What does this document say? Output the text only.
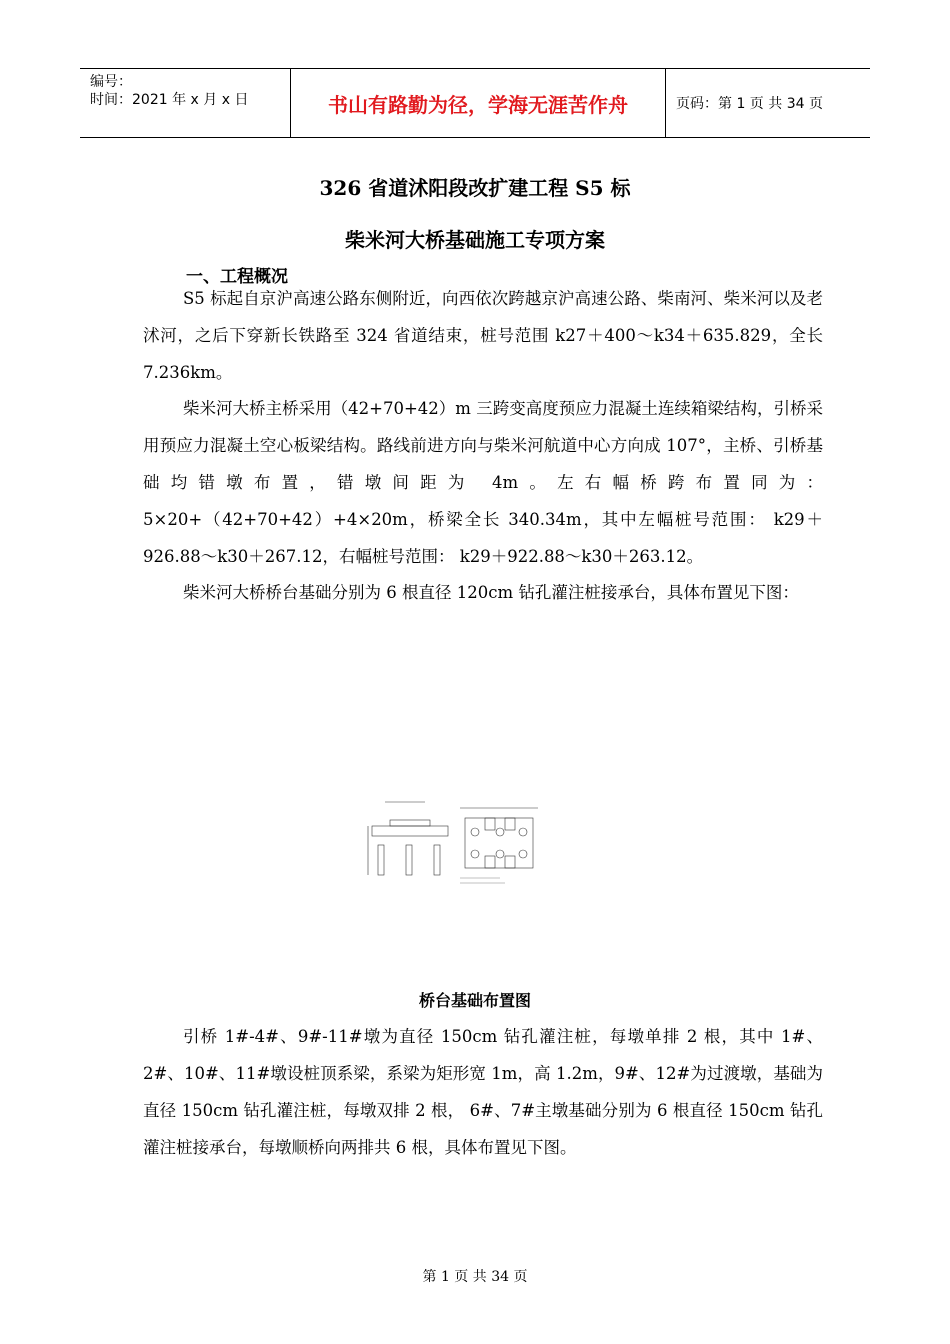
编号：
时间：2021 年 x 月 x 日	书山有路勤为径，学海无涯苦作舟	页码：第 1 页 共 34 页
326 省道沭阳段改扩建工程 S5 标
柴米河大桥基础施工专项方案
一、工程概况
S5 标起自京沪高速公路东侧附近，向西依次跨越京沪高速公路、柴南河、柴米河以及老沭河，之后下穿新长铁路至 324 省道结束，桩号范围 k27＋400～k34＋635.829，全长 7.236km。
柴米河大桥主桥采用（42+70+42）m 三跨变高度预应力混凝土连续箱梁结构，引桥采用预应力混凝土空心板梁结构。路线前进方向与柴米河航道中心方向成 107°，主桥、引桥基础均错墩布置，错墩间距为 4m。左右幅桥跨布置同为：5×20+（42+70+42）+4×20m，桥梁全长 340.34m，其中左幅桩号范围： k29＋926.88～k30＋267.12，右幅桩号范围： k29＋922.88～k30＋263.12。
柴米河大桥桥台基础分别为 6 根直径 120cm 钻孔灌注桩接承台，具体布置见下图：
桥台基础布置图
引桥 1#-4#、9#-11#墩为直径 150cm 钻孔灌注桩，每墩单排 2 根，其中 1#、2#、10#、11#墩设桩顶系梁，系梁为矩形宽 1m，高 1.2m，9#、12#为过渡墩，基础为直径 150cm 钻孔灌注桩，每墩双排 2 根， 6#、7#主墩基础分别为 6 根直径 150cm 钻孔灌注桩接承台，每墩顺桥向两排共 6 根，具体布置见下图。
第 1 页 共 34 页
